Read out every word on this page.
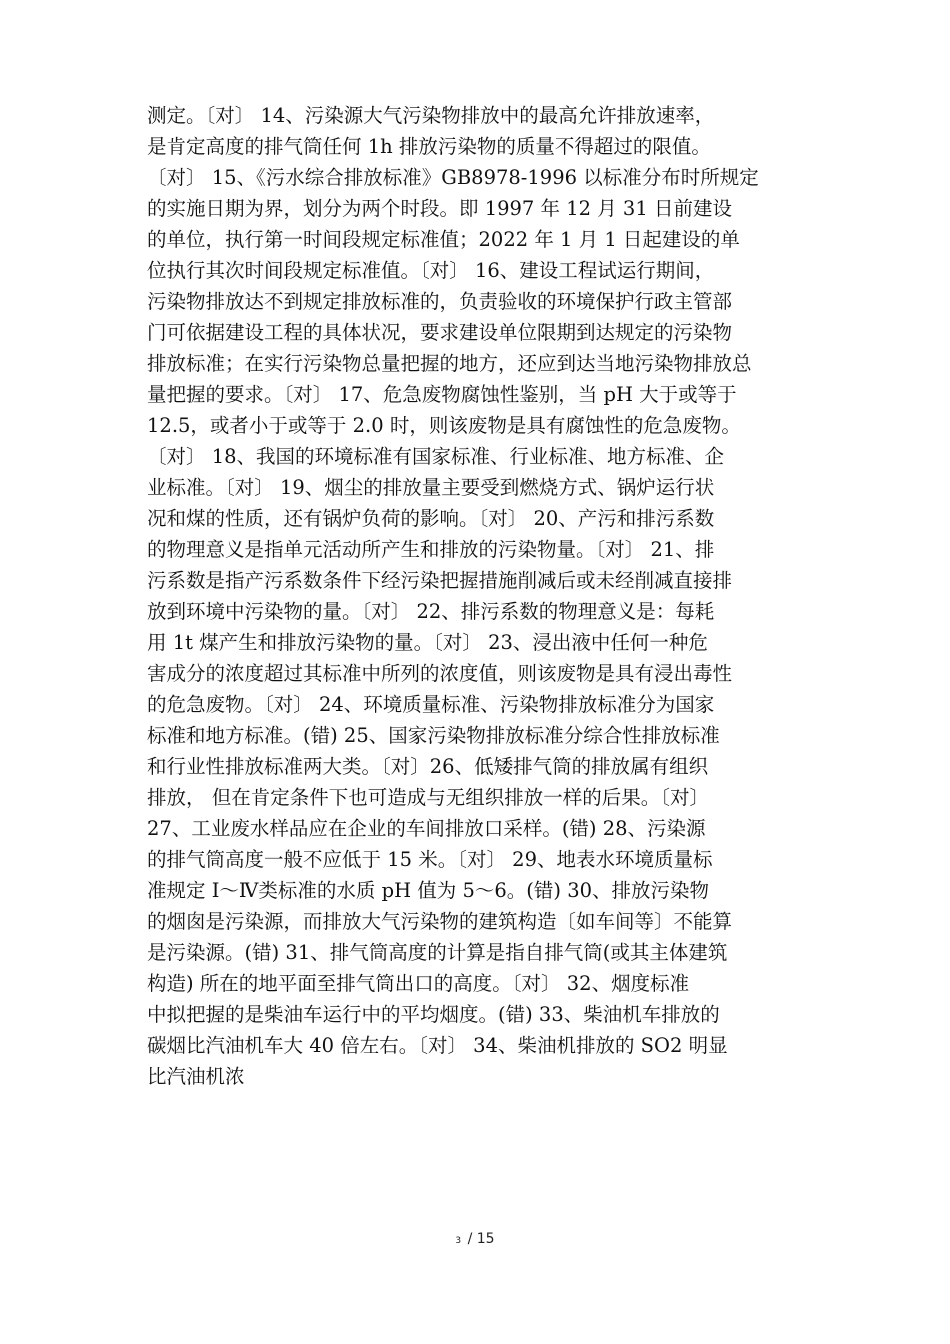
测定。〔对〕 14、污染源大气污染物排放中的最高允许排放速率，
是肯定高度的排气筒任何 1h 排放污染物的质量不得超过的限值。
〔对〕 15、《污水综合排放标准》GB8978-1996 以标准分布时所规定
的实施日期为界，划分为两个时段。即 1997 年 12 月 31 日前建设
的单位，执行第一时间段规定标准值；2022 年 1 月 1 日起建设的单
位执行其次时间段规定标准值。〔对〕 16、建设工程试运行期间，
污染物排放达不到规定排放标准的，负责验收的环境保护行政主管部
门可依据建设工程的具体状况，要求建设单位限期到达规定的污染物
排放标准；在实行污染物总量把握的地方，还应到达当地污染物排放总
量把握的要求。〔对〕 17、危急废物腐蚀性鉴别，当 pH 大于或等于
12.5，或者小于或等于 2.0 时，则该废物是具有腐蚀性的危急废物。
〔对〕 18、我国的环境标准有国家标准、行业标准、地方标准、企
业标准。〔对〕 19、烟尘的排放量主要受到燃烧方式、锅炉运行状
况和煤的性质，还有锅炉负荷的影响。〔对〕 20、产污和排污系数
的物理意义是指单元活动所产生和排放的污染物量。〔对〕 21、排
污系数是指产污系数条件下经污染把握措施削减后或未经削减直接排
放到环境中污染物的量。〔对〕 22、排污系数的物理意义是：每耗
用 1t 煤产生和排放污染物的量。〔对〕 23、浸出液中任何一种危
害成分的浓度超过其标准中所列的浓度值，则该废物是具有浸出毒性
的危急废物。〔对〕 24、环境质量标准、污染物排放标准分为国家
标准和地方标准。(错) 25、国家污染物排放标准分综合性排放标准
和行业性排放标准两大类。〔对〕26、低矮排气筒的排放属有组织
排放， 但在肯定条件下也可造成与无组织排放一样的后果。〔对〕
27、工业废水样品应在企业的车间排放口采样。(错) 28、污染源
的排气筒高度一般不应低于 15 米。〔对〕 29、地表水环境质量标
准规定 Ⅰ～Ⅳ类标准的水质 pH 值为 5～6。(错) 30、排放污染物
的烟囱是污染源，而排放大气污染物的建筑构造〔如车间等〕不能算
是污染源。(错) 31、排气筒高度的计算是指自排气筒(或其主体建筑
构造) 所在的地平面至排气筒出口的高度。〔对〕 32、烟度标准
中拟把握的是柴油车运行中的平均烟度。(错) 33、柴油机车排放的
碳烟比汽油机车大 40 倍左右。〔对〕 34、柴油机排放的 SO2 明显
比汽油机浓
3 / 15
